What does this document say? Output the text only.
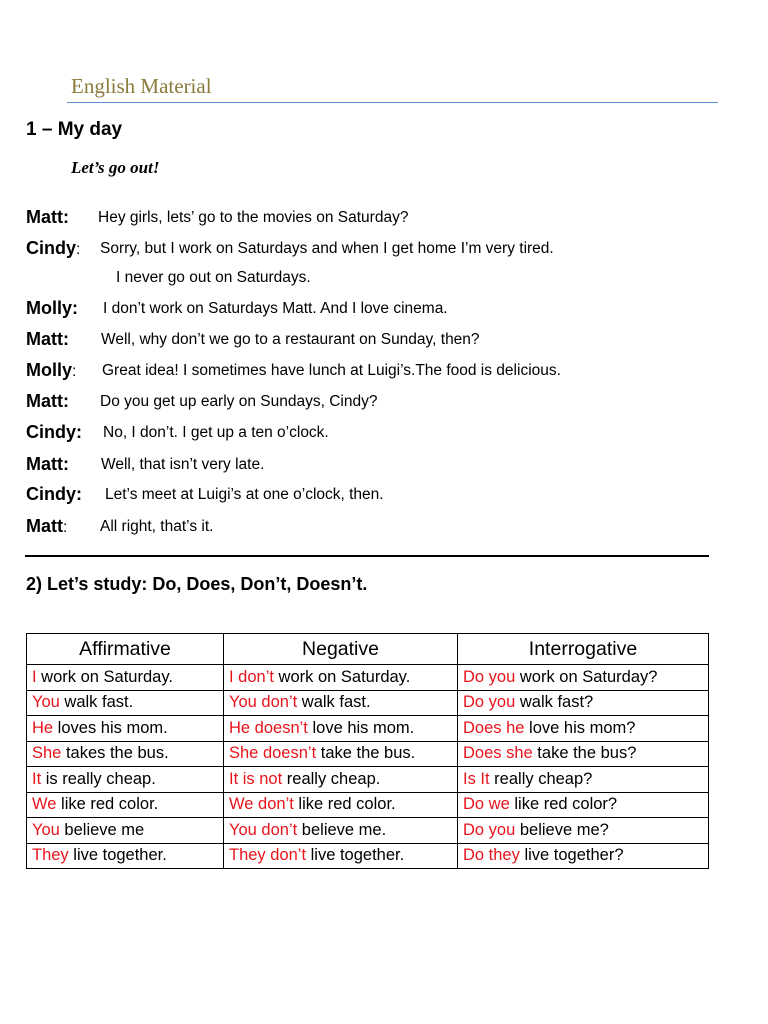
English Material
1 – My day
Let’s go out!
Matt: Hey girls, lets’ go to the movies on Saturday?
Cindy: Sorry, but I work on Saturdays and when I get home I’m very tired.
I never go out on Saturdays.
Molly: I don’t work on Saturdays Matt. And I love cinema.
Matt: Well, why don’t we go to a restaurant on Sunday, then?
Molly: Great idea! I sometimes have lunch at Luigi’s.The food is delicious.
Matt: Do you get up early on Sundays, Cindy?
Cindy: No, I don’t. I get up a ten o’clock.
Matt: Well, that isn’t very late.
Cindy: Let’s meet at Luigi’s at one o’clock, then.
Matt: All right, that’s it.
2) Let’s study: Do, Does, Don’t, Doesn’t.
Affirmative	Negative	Interrogative
I work on Saturday.	I don’t work on Saturday.	Do you work on Saturday?
You walk fast.	You don’t walk fast.	Do you walk fast?
He loves his mom.	He doesn’t love his mom.	Does he love his mom?
She takes the bus.	She doesn’t take the bus.	Does she take the bus?
It is really cheap.	It is not really cheap.	Is It really cheap?
We like red color.	We don’t like red color.	Do we like red color?
You believe me	You don’t believe me.	Do you believe me?
They live together.	They don’t live together.	Do they live together?
